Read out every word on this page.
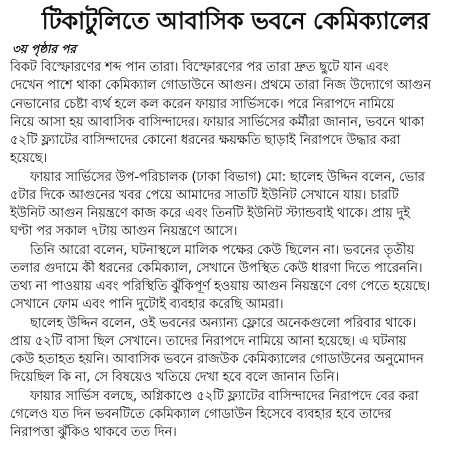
টিকাটুলিতে আবাসিক ভবনে কেমিক্যালের
৩য় পৃষ্ঠার পর
বিকট বিস্ফোরণের শব্দ পান তারা। বিস্ফোরণের পর তারা দ্রুত ছুটে যান এবং
দেখেন পাশে থাকা কেমিক্যাল গোডাউনে আগুন। প্রথমে তারা নিজ উদ্যোগে আগুন
নেভানোর চেষ্টা ব্যর্থ হলে কল করেন ফায়ার সার্ভিসকে। পরে নিরাপদে নামিয়ে
নিয়ে আসা হয় আবাসিক বাসিন্দাদের। ফায়ার সার্ভিসের কর্মীরা জানান, ভবনে থাকা
৫২টি ফ্ল্যাটের বাসিন্দাদের কোনো ধরনের ক্ষয়ক্ষতি ছাড়াই নিরাপদে উদ্ধার করা
হয়েছে।
ফায়ার সার্ভিসের উপ-পরিচালক (ঢাকা বিভাগ) মো: ছালেহ উদ্দিন বলেন, ভোর
৫টার দিকে আগুনের খবর পেয়ে আমাদের সাতটি ইউনিট সেখানে যায়। চারটি
ইউনিট আগুন নিয়ন্ত্রণে কাজ করে এবং তিনটি ইউনিট স্ট্যান্ডবাই থাকে। প্রায় দুই
ঘণ্টা পর সকাল ৭টায় আগুন নিয়ন্ত্রণে আসে।
তিনি আরো বলেন, ঘটনাস্থলে মালিক পক্ষের কেউ ছিলেন না। ভবনের তৃতীয়
তলার গুদামে কী ধরনের কেমিক্যাল, সেখানে উপস্থিত কেউ ধারণা দিতে পারেননি।
তথ্য না পাওয়ায় এবং পরিস্থিতি ঝুঁকিপূর্ণ হওয়ায় আগুন নিয়ন্ত্রণে বেগ পেতে হয়েছে।
সেখানে ফোম এবং পানি দুটোই ব্যবহার করেছি আমরা।
ছালেহ উদ্দিন বলেন, ওই ভবনের অন্যান্য ফ্লোরে অনেকগুলো পরিবার থাকে।
প্রায় ৫২টি বাসা ছিল সেখানে। তাদের নিরাপদে নামিয়ে আনা হয়েছে। এ ঘটনায়
কেউ হতাহত হয়নি। আবাসিক ভবনে রাজউক কেমিক্যালের গোডাউনের অনুমোদন
দিয়েছিল কি না, সে বিষয়েও খতিয়ে দেখা হবে বলে জানান তিনি।
ফায়ার সার্ভিস বলছে, অগ্নিকাণ্ডে ৫২টি ফ্ল্যাটের বাসিন্দাদের নিরাপদে বের করা
গেলেও যত দিন ভবনটিতে কেমিক্যাল গোডাউন হিসেবে ব্যবহার হবে তাদের
নিরাপত্তা ঝুঁকিও থাকবে তত দিন।
